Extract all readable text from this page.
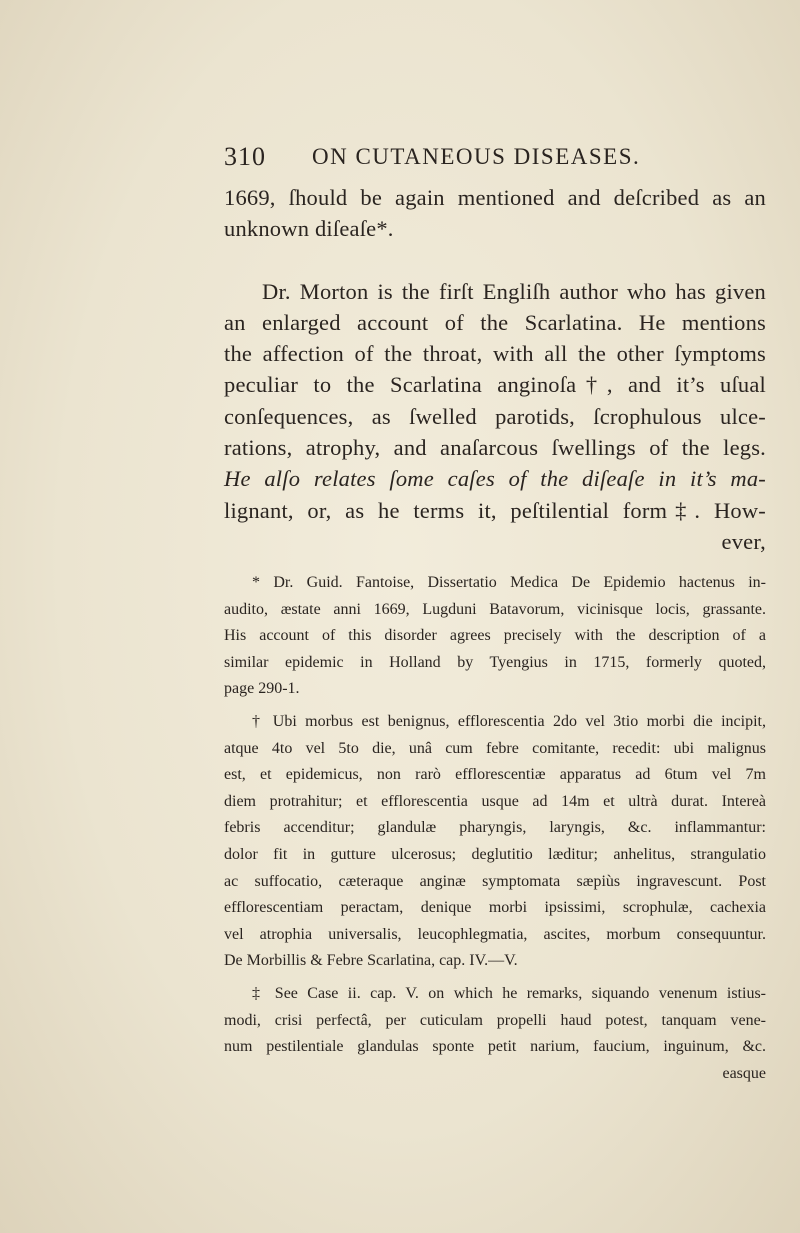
310 ON CUTANEOUS DISEASES.
1669, ſhould be again mentioned and deſcribed as an
unknown diſeaſe*.
Dr. Morton is the firſt Engliſh author who has given
an enlarged account of the Scarlatina. He mentions
the affection of the throat, with all the other ſymptoms
peculiar to the Scarlatina anginoſa†, and it’s uſual
conſequences, as ſwelled parotids, ſcrophulous ulce-
rations, atrophy, and anaſarcous ſwellings of the legs.
He alſo relates ſome caſes of the diſeaſe in it’s ma-
lignant, or, as he terms it, peſtilential form‡. How-
ever,
* Dr. Guid. Fantoise, Dissertatio Medica De Epidemio hactenus in-
audito, æstate anni 1669, Lugduni Batavorum, vicinisque locis, grassante.
His account of this disorder agrees precisely with the description of a
similar epidemic in Holland by Tyengius in 1715, formerly quoted,
page 290-1.
† Ubi morbus est benignus, efflorescentia 2do vel 3tio morbi die incipit,
atque 4to vel 5to die, unâ cum febre comitante, recedit: ubi malignus
est, et epidemicus, non rarò efflorescentiæ apparatus ad 6tum vel 7m
diem protrahitur; et efflorescentia usque ad 14m et ultrà durat. Intereà
febris accenditur; glandulæ pharyngis, laryngis, &c. inflammantur:
dolor fit in gutture ulcerosus; deglutitio læditur; anhelitus, strangulatio
ac suffocatio, cæteraque anginæ symptomata sæpiùs ingravescunt. Post
efflorescentiam peractam, denique morbi ipsissimi, scrophulæ, cachexia
vel atrophia universalis, leucophlegmatia, ascites, morbum consequuntur.
De Morbillis & Febre Scarlatina, cap. IV.—V.
‡ See Case ii. cap. V. on which he remarks, siquando venenum istius-
modi, crisi perfectâ, per cuticulam propelli haud potest, tanquam vene-
num pestilentiale glandulas sponte petit narium, faucium, inguinum, &c.
easque
